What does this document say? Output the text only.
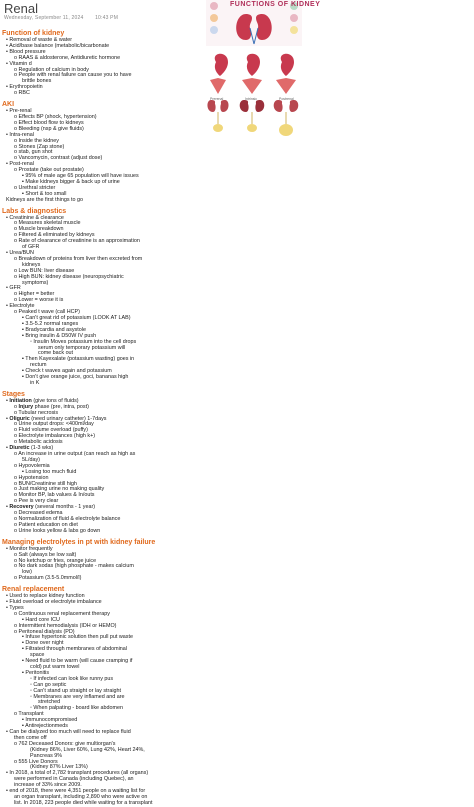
Renal
Wednesday, September 11, 2024 10:43 PM
FUNCTIONS OF KIDNEY
Prerenal	Intrinsic	Postrenal
Function of kidney
• Removal of waste & water
• Acid/base balance (metabolic/bicarbonate
• Blood pressure
o RAAS & aldosterone, Antidiuretic hormone
• Vitamin d
o Regulation of calcium in body
o People with renal failure can cause you to have
brittle bones
• Erythropoietin
o RBC
AKI
• Pre-renal
o Effects BP (shock, hypertension)
o Effect blood flow to kidneys
o Bleeding (nsp & give fluids)
• Intra-renal
o Inside the kidney
o Stones (Zap stone)
o stab, gun shot
o Vancomycin, contrast (adjust dose)
• Post-renal
o Prostate (take out prostate)
▪ 95% of male age 65 population will have issues
▪ Make kidneys bigger & back up of urine
o Urethral stricter
▪ Short & too small
Kidneys are the first things to go
Labs & diagnostics
• Creatinine & clearance
o Measures skeletal muscle
o Muscle breakdown
o Filtered & eliminated by kidneys
o Rate of clearance of creatinine is an approximation
of GFR
• Urea/BUN
o Breakdown of proteins from liver then excreted from
kidneys
o Low BUN: liver disease
o High BUN: kidney disease (neuropsychiatric
symptoms)
• GFR
o Higher = better
o Lower = worse it is
• Electrolyte
o Peaked t wave (call HCP)
▪ Can't great rid of potassium (LOOK AT LAB)
▪ 3.5-5.2 normal ranges
▪ Bradycardia and asystole
▪ Bring insulin & D50W IV push
◦ Insulin Moves potassium into the cell drops
serum only temporary potassium will
come back out
▪ Then Kayexalate (potassium wasting) goes in
rectum
▪ Check t waves again and potassium
▪ Don't give orange juice, goci, bananas high
in K
Stages
• Initiation (give tons of fluids)
o Injury phase (pre, intra, post)
o Tubular necrosis
• Oliguric (need urinary catheter) 1-7days
o Urine output drops: <400ml/day
o Fluid volume overload (puffy)
o Electrolyte imbalances (high k+)
o Metabolic acidosis
• Diuretic (1-3 wks)
o An increase in urine output (can reach as high as
5L/day)
o Hypovolemia
▪ Losing too much fluid
o Hypotension
o BUN/Creatinine still high
o Just making urine no making quality
o Monitor BP, lab values & In/outs
o Pee is very clear
• Recovery (several months - 1 year)
o Decreased edema
o Normalization of fluid & electrolyte balance
o Patient education on diet
o Urine looks yellow & labs go down
Managing electrolytes in pt with kidney failure
• Monitor frequently
o Salt (always be low salt)
o No ketchup or fries, orange juice
o No dark sodas (high phosphate - makes calcium
low)
o Potassium (3.5-5.0mmol/l)
Renal replacement
• Used to replace kidney function
• Fluid overload or electrolyte imbalance
• Types
o Continuous renal replacement therapy
▪ Hard core ICU
o Intermittent hemodialysis (IDH or HEMO)
o Peritoneal dialysis (PD)
▪ Infuse hypertonic solution then pull put waste
▪ Done over night
▪ Filtrated through membranes of abdominal
space
▪ Need fluid to be warm (will cause cramping if
cold) put warm towel
▪ Peritonitis
◦ If infected can look like runny pus
◦ Can go septic
◦ Can't stand up straight or lay straight
◦ Membranes are very inflamed and are
stretched
◦ When palpating - board like abdomen
o Transplant
▪ Immunocompromised
▪ Antirejectionmeds
• Can be dialyzed too much will need to replace fluid
then come off
o 762 Deceased Donors: give multiorgan's
(Kidney 86%, Liver 60%, Lung 42%, Heart 24%,
Pancreas 9%
o 555 Live Donors
(Kidney 87% Liver 13%)
• In 2018, a total of 2,782 transplant procedures (all organs)
were performed in Canada (including Quebec), an
increase of 33% since 2009.
• end of 2018, there were 4,351 people on a waiting list for
an organ transplant, including 2,890 who were active on
list. In 2018, 223 people died while waiting for a transplant
